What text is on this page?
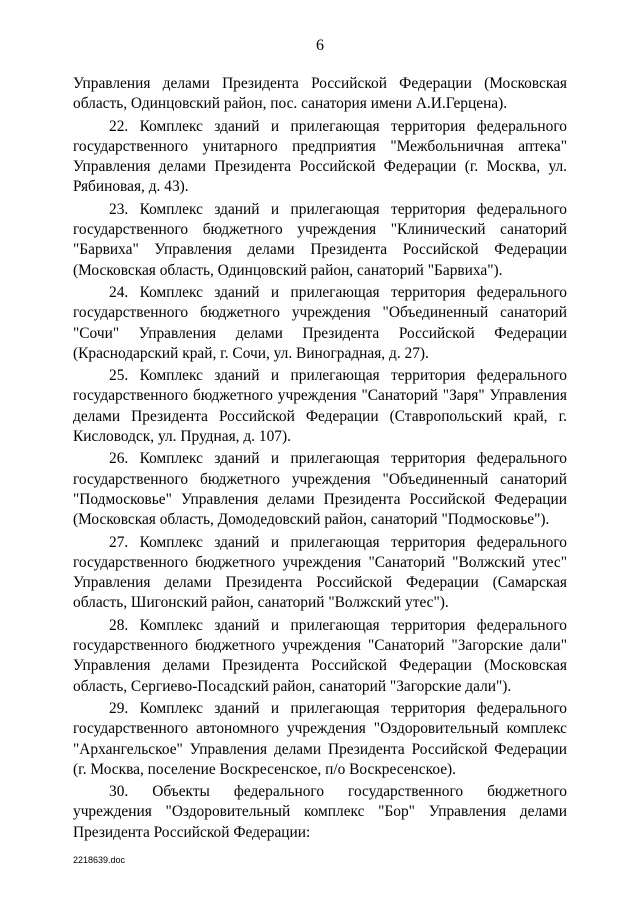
6

Управления делами Президента Российской Федерации (Московская область, Одинцовский район, пос. санатория имени А.И.Герцена).

22. Комплекс зданий и прилегающая территория федерального государственного унитарного предприятия "Межбольничная аптека" Управления делами Президента Российской Федерации (г. Москва, ул. Рябиновая, д. 43).

23. Комплекс зданий и прилегающая территория федерального государственного бюджетного учреждения "Клинический санаторий "Барвиха" Управления делами Президента Российской Федерации (Московская область, Одинцовский район, санаторий "Барвиха").

24. Комплекс зданий и прилегающая территория федерального государственного бюджетного учреждения "Объединенный санаторий "Сочи" Управления делами Президента Российской Федерации (Краснодарский край, г. Сочи, ул. Виноградная, д. 27).

25. Комплекс зданий и прилегающая территория федерального государственного бюджетного учреждения "Санаторий "Заря" Управления делами Президента Российской Федерации (Ставропольский край, г. Кисловодск, ул. Прудная, д. 107).

26. Комплекс зданий и прилегающая территория федерального государственного бюджетного учреждения "Объединенный санаторий "Подмосковье" Управления делами Президента Российской Федерации (Московская область, Домодедовский район, санаторий "Подмосковье").

27. Комплекс зданий и прилегающая территория федерального государственного бюджетного учреждения "Санаторий "Волжский утес" Управления делами Президента Российской Федерации (Самарская область, Шигонский район, санаторий "Волжский утес").

28. Комплекс зданий и прилегающая территория федерального государственного бюджетного учреждения "Санаторий "Загорские дали" Управления делами Президента Российской Федерации (Московская область, Сергиево-Посадский район, санаторий "Загорские дали").

29. Комплекс зданий и прилегающая территория федерального государственного автономного учреждения "Оздоровительный комплекс "Архангельское" Управления делами Президента Российской Федерации (г. Москва, поселение Воскресенское, п/о Воскресенское).

30. Объекты федерального государственного бюджетного учреждения "Оздоровительный комплекс "Бор" Управления делами Президента Российской Федерации:

2218639.doc
